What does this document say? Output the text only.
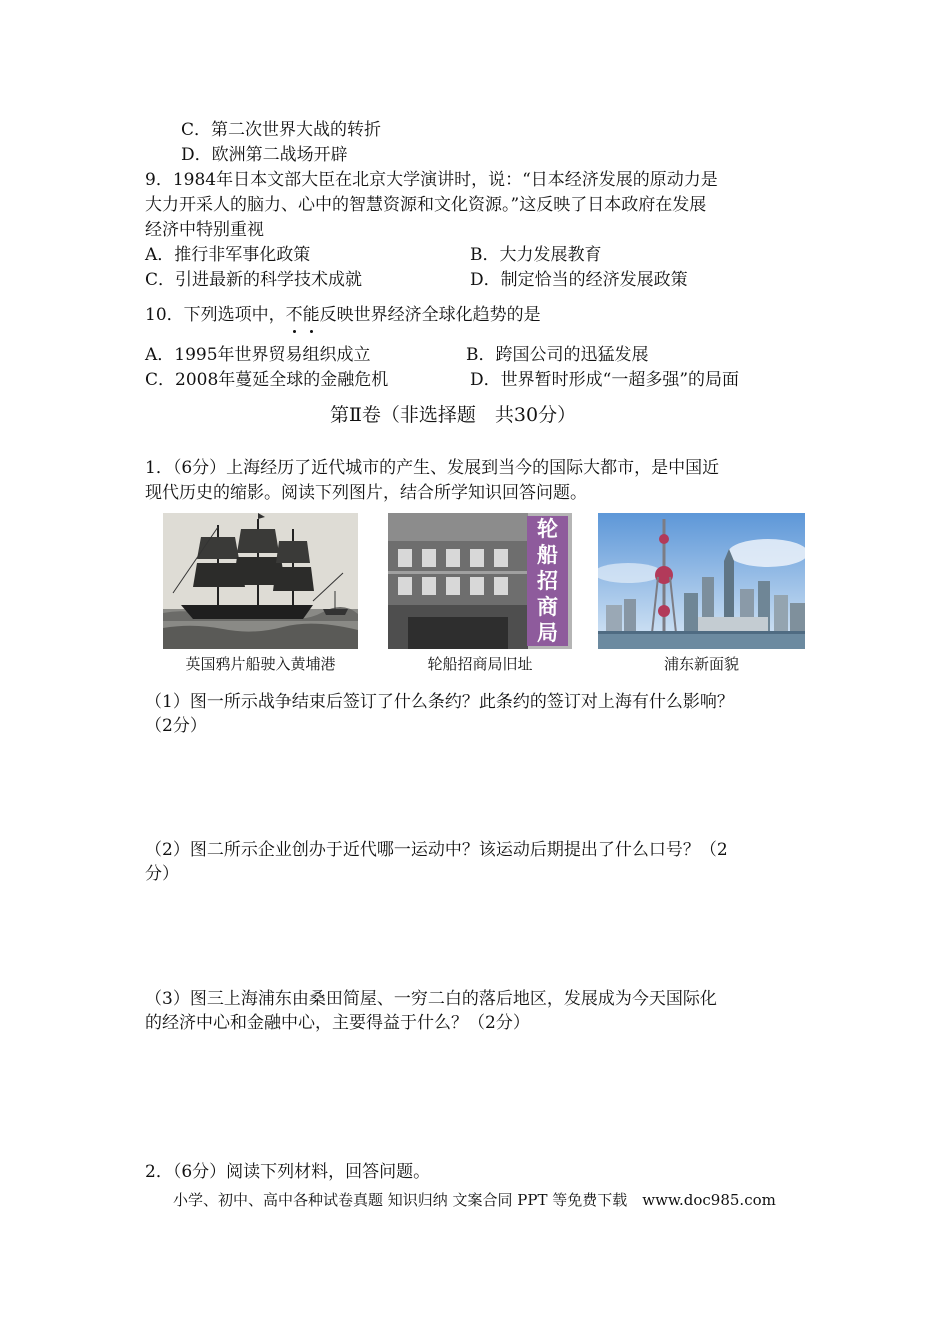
C．第二次世界大战的转折
D．欧洲第二战场开辟
9．1984年日本文部大臣在北京大学演讲时，说：“日本经济发展的原动力是
大力开采人的脑力、心中的智慧资源和文化资源。”这反映了日本政府在发展
经济中特别重视
A．推行非军事化政策	B．大力发展教育
C．引进最新的科学技术成就	D．制定恰当的经济发展政策
10．下列选项中，不能反映世界经济全球化趋势的是
A．1995年世界贸易组织成立	B．跨国公司的迅猛发展
C．2008年蔓延全球的金融危机	D．世界暂时形成“一超多强”的局面
第Ⅱ卷（非选择题　共30分）
1．（6分）上海经历了近代城市的产生、发展到当今的国际大都市，是中国近
现代历史的缩影。阅读下列图片，结合所学知识回答问题。
英国鸦片船驶入黄埔港
轮
船
招
商
局
轮船招商局旧址	浦东新面貌
（1）图一所示战争结束后签订了什么条约？此条约的签订对上海有什么影响？
（2分）
（2）图二所示企业创办于近代哪一运动中？该运动后期提出了什么口号？（2
分）
（3）图三上海浦东由桑田简屋、一穷二白的落后地区，发展成为今天国际化
的经济中心和金融中心，主要得益于什么？（2分）
2．（6分）阅读下列材料，回答问题。
小学、初中、高中各种试卷真题 知识归纳 文案合同 PPT 等免费下载　www.doc985.com
